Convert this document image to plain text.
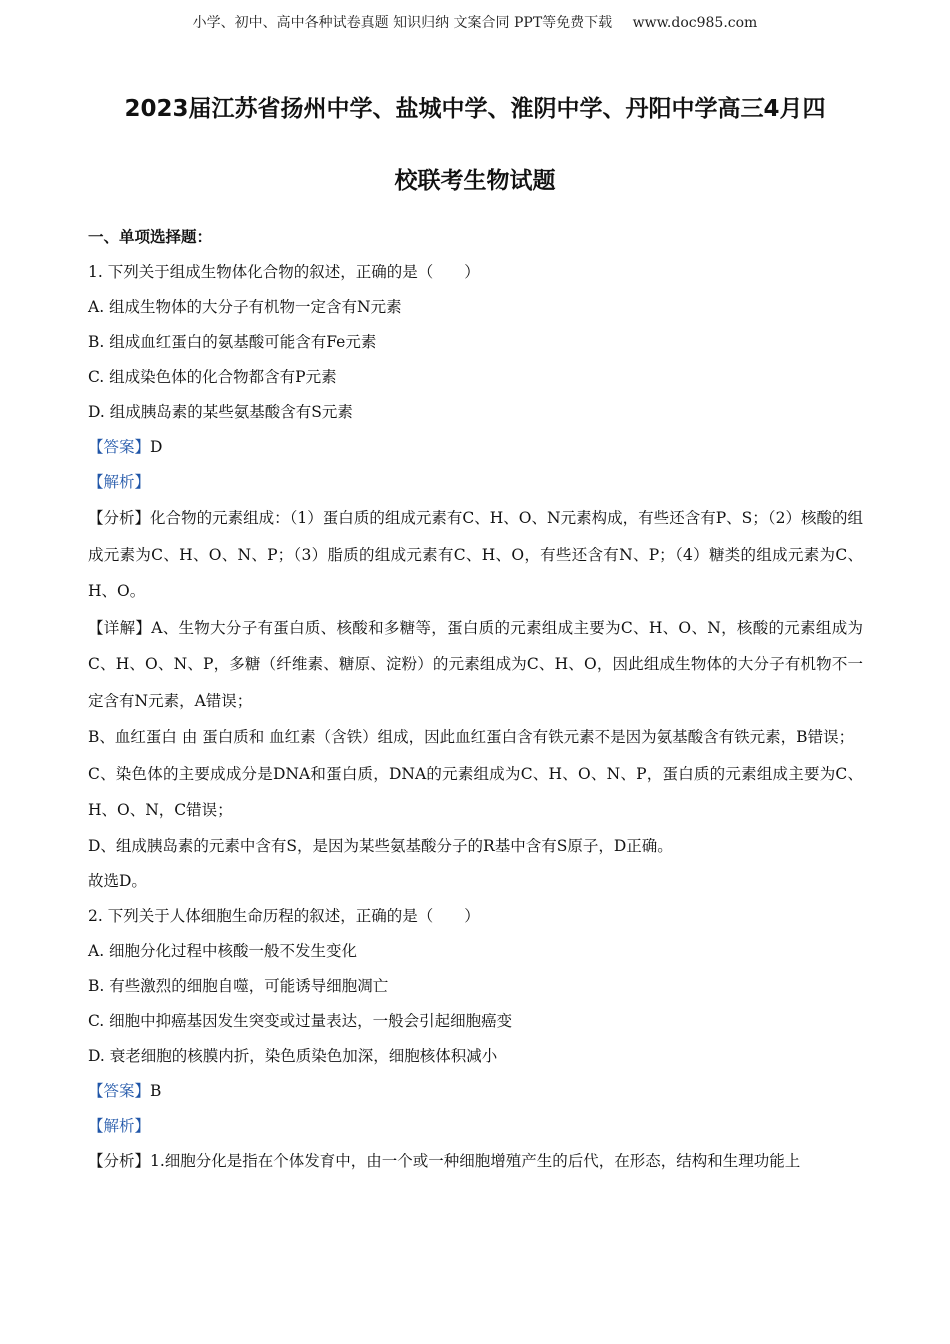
小学、初中、高中各种试卷真题 知识归纳 文案合同 PPT等免费下载 www.doc985.com
2023届江苏省扬州中学、盐城中学、淮阴中学、丹阳中学高三4月四
校联考生物试题

一、单项选择题：

1. 下列关于组成生物体化合物的叙述，正确的是（　　）

A. 组成生物体的大分子有机物一定含有N元素

B. 组成血红蛋白的氨基酸可能含有Fe元素

C. 组成染色体的化合物都含有P元素

D. 组成胰岛素的某些氨基酸含有S元素

【答案】D

【解析】

【分析】化合物的元素组成：（1）蛋白质的组成元素有C、H、O、N元素构成，有些还含有P、S；（2）核酸的组成元素为C、H、O、N、P；（3）脂质的组成元素有C、H、O，有些还含有N、P；（4）糖类的组成元素为C、H、O。

【详解】A、生物大分子有蛋白质、核酸和多糖等，蛋白质的元素组成主要为C、H、O、N，核酸的元素组成为C、H、O、N、P，多糖（纤维素、糖原、淀粉）的元素组成为C、H、O，因此组成生物体的大分子有机物不一定含有N元素，A错误；

B、血红蛋白 由 蛋白质和 血红素（含铁）组成，因此血红蛋白含有铁元素不是因为氨基酸含有铁元素，B错误；

C、染色体的主要成成分是DNA和蛋白质，DNA的元素组成为C、H、O、N、P，蛋白质的元素组成主要为C、H、O、N，C错误；

D、组成胰岛素的元素中含有S，是因为某些氨基酸分子的R基中含有S原子，D正确。

故选D。

2. 下列关于人体细胞生命历程的叙述，正确的是（　　）

A. 细胞分化过程中核酸一般不发生变化

B. 有些激烈的细胞自噬，可能诱导细胞凋亡

C. 细胞中抑癌基因发生突变或过量表达，一般会引起细胞癌变

D. 衰老细胞的核膜内折，染色质染色加深，细胞核体积减小

【答案】B

【解析】

【分析】1.细胞分化是指在个体发育中，由一个或一种细胞增殖产生的后代，在形态，结构和生理功能上
